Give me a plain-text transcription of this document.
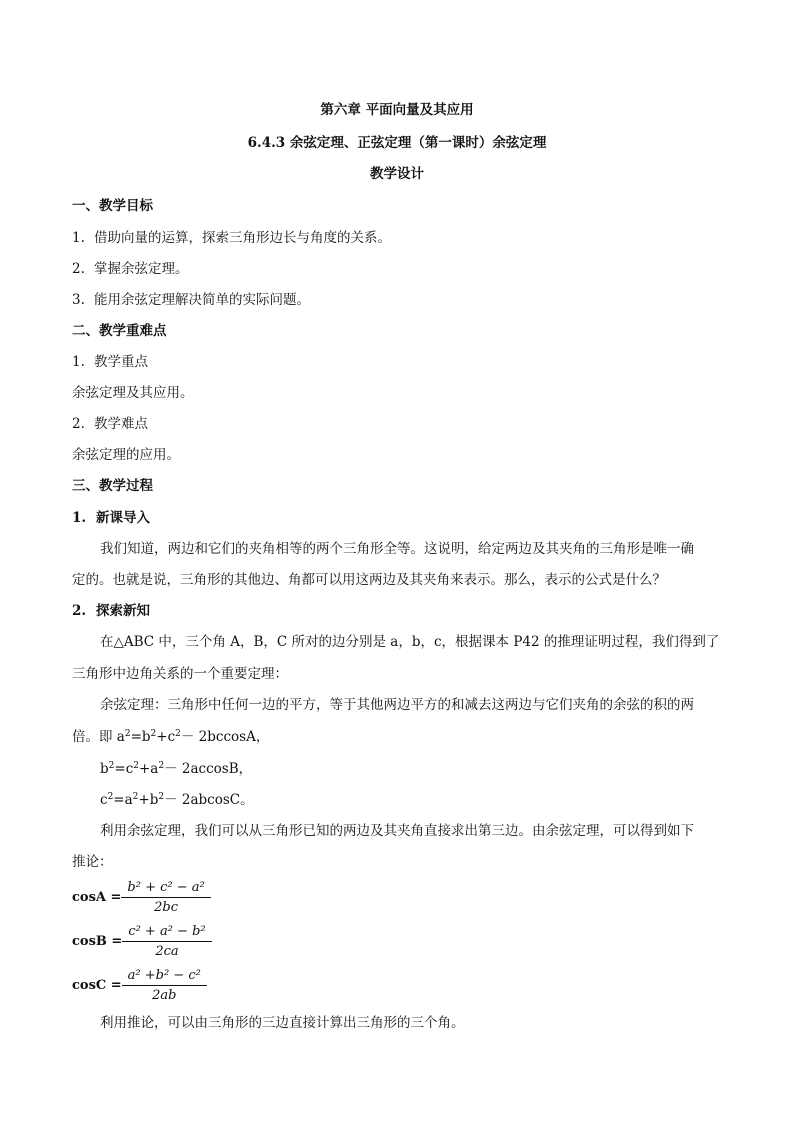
第六章 平面向量及其应用
6.4.3 余弦定理、正弦定理（第一课时）余弦定理
教学设计
一、教学目标
1. 借助向量的运算，探索三角形边长与角度的关系。
2. 掌握余弦定理。
3. 能用余弦定理解决简单的实际问题。
二、教学重难点
1. 教学重点
余弦定理及其应用。
2. 教学难点
余弦定理的应用。
三、教学过程
1. 新课导入
我们知道，两边和它们的夹角相等的两个三角形全等。这说明，给定两边及其夹角的三角形是唯一确
定的。也就是说，三角形的其他边、角都可以用这两边及其夹角来表示。那么，表示的公式是什么？
2. 探索新知
在△ABC 中，三个角 A，B，C 所对的边分别是 a，b，c，根据课本 P42 的推理证明过程，我们得到了
三角形中边角关系的一个重要定理：
余弦定理：三角形中任何一边的平方，等于其他两边平方的和减去这两边与它们夹角的余弦的积的两
倍。即 $a^2=b^2+c^2- 2bccosA$，
$b^2=c^2+a^2- 2accosB$，
$c^2=a^2+b^2- 2abcosC$。
利用余弦定理，我们可以从三角形已知的两边及其夹角直接求出第三边。由余弦定理，可以得到如下
推论：
$\cos A = \frac{\text{b² + c² − a²}}{2bc}$
$\cos B = \frac{\text{c² + a² − b²}}{2ca}$
$\cos C = \frac{\text{a² +b² − c²}}{2ab}$
利用推论，可以由三角形的三边直接计算出三角形的三个角。
